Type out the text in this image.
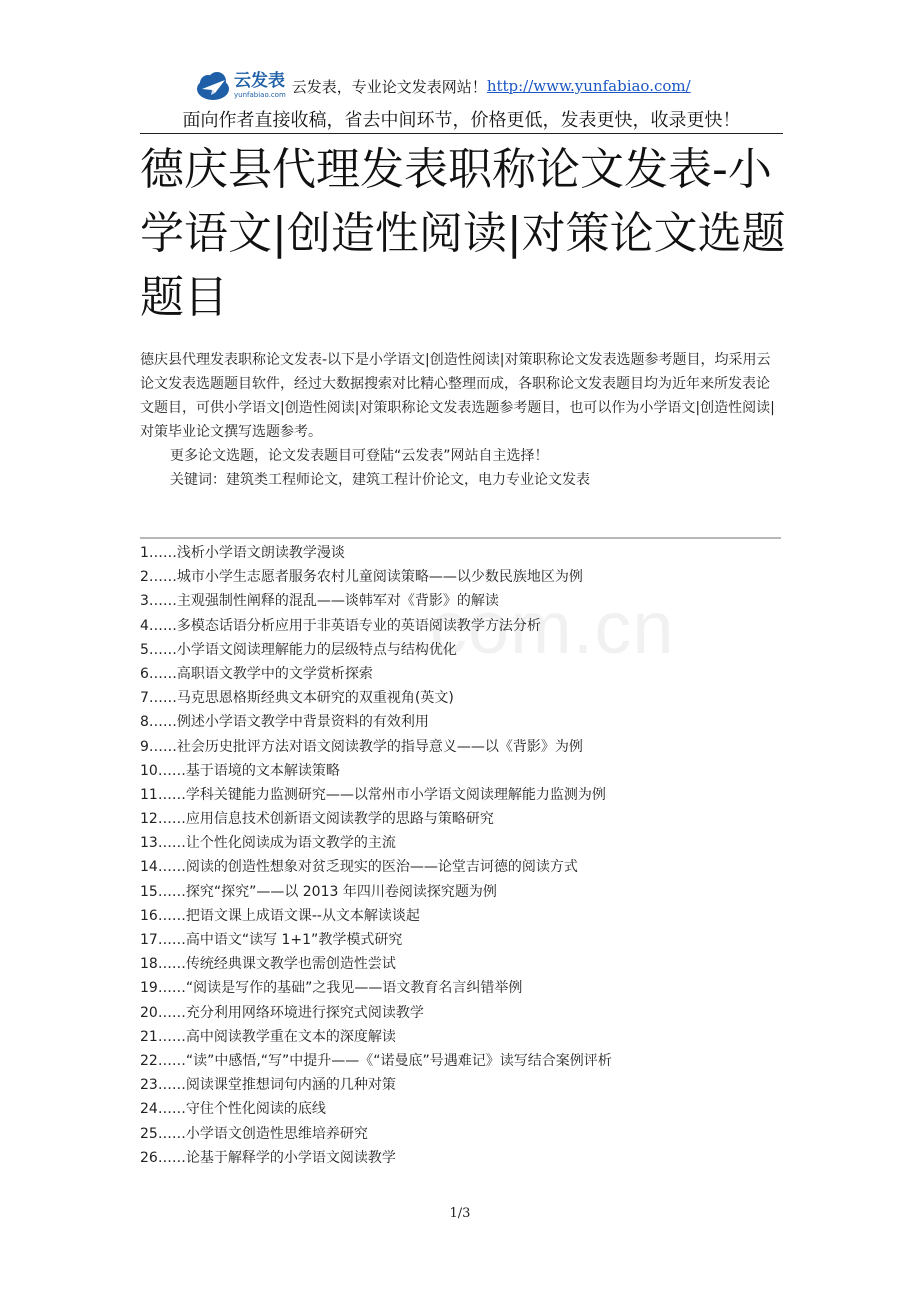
云发表
yunfabiao.com 云发表，专业论文发表网站！ http://www.yunfabiao.com/
面向作者直接收稿，省去中间环节，价格更低，发表更快，收录更快！
德庆县代理发表职称论文发表-小学语文|创造性阅读|对策论文选题题目

德庆县代理发表职称论文发表-以下是小学语文|创造性阅读|对策职称论文发表选题参考题目，均采用云论文发表选题题目软件，经过大数据搜索对比精心整理而成，各职称论文发表题目均为近年来所发表论文题目，可供小学语文|创造性阅读|对策职称论文发表选题参考题目，也可以作为小学语文|创造性阅读|对策毕业论文撰写选题参考。

更多论文选题，论文发表题目可登陆“云发表”网站自主选择！

关键词：建筑类工程师论文，建筑工程计价论文，电力专业论文发表

com.cn
1……浅析小学语文朗读教学漫谈
2……城市小学生志愿者服务农村儿童阅读策略——以少数民族地区为例
3……主观强制性阐释的混乱——谈韩军对《背影》的解读
4……多模态话语分析应用于非英语专业的英语阅读教学方法分析
5……小学语文阅读理解能力的层级特点与结构优化
6……高职语文教学中的文学赏析探索
7……马克思恩格斯经典文本研究的双重视角(英文)
8……例述小学语文教学中背景资料的有效利用
9……社会历史批评方法对语文阅读教学的指导意义——以《背影》为例
10……基于语境的文本解读策略
11……学科关键能力监测研究——以常州市小学语文阅读理解能力监测为例
12……应用信息技术创新语文阅读教学的思路与策略研究
13……让个性化阅读成为语文教学的主流
14……阅读的创造性想象对贫乏现实的医治——论堂吉诃德的阅读方式
15……探究“探究”——以 2013 年四川卷阅读探究题为例
16……把语文课上成语文课--从文本解读谈起
17……高中语文“读写 1+1”教学模式研究
18……传统经典课文教学也需创造性尝试
19……“阅读是写作的基础”之我见——语文教育名言纠错举例
20……充分利用网络环境进行探究式阅读教学
21……高中阅读教学重在文本的深度解读
22……“读”中感悟,“写”中提升——《“诺曼底”号遇难记》读写结合案例评析
23……阅读课堂推想词句内涵的几种对策
24……守住个性化阅读的底线
25……小学语文创造性思维培养研究
26……论基于解释学的小学语文阅读教学
1/3
